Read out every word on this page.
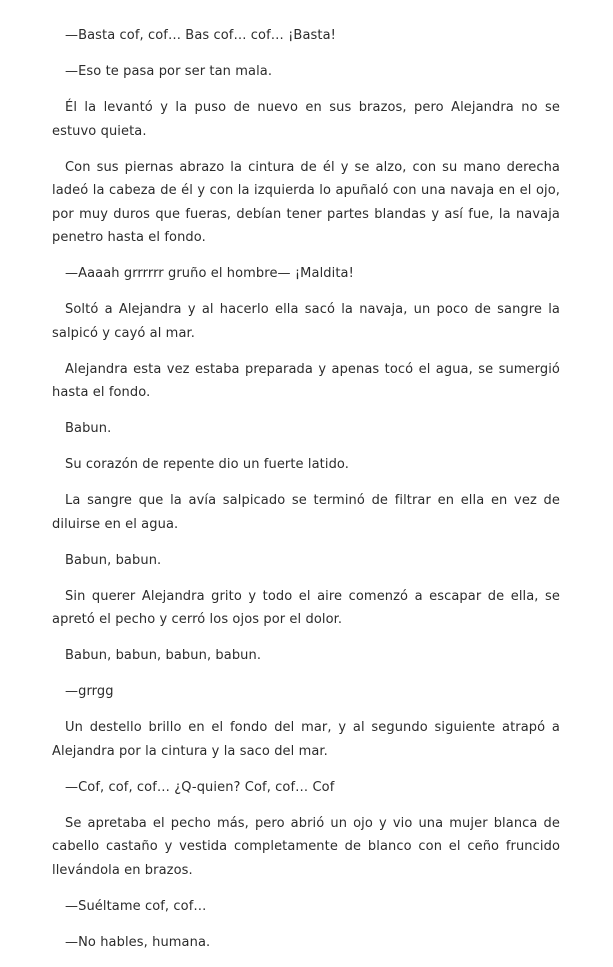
—Basta cof, cof… Bas cof… cof… ¡Basta!

—Eso te pasa por ser tan mala.

Él la levantó y la puso de nuevo en sus brazos, pero Alejandra no se estuvo quieta.

Con sus piernas abrazo la cintura de él y se alzo, con su mano derecha ladeó la cabeza de él y con la izquierda lo apuñaló con una navaja en el ojo, por muy duros que fueras, debían tener partes blandas y así fue, la navaja penetro hasta el fondo.

—Aaaah grrrrrr gruño el hombre— ¡Maldita!

Soltó a Alejandra y al hacerlo ella sacó la navaja, un poco de sangre la salpicó y cayó al mar.

Alejandra esta vez estaba preparada y apenas tocó el agua, se sumergió hasta el fondo.

Babun.

Su corazón de repente dio un fuerte latido.

La sangre que la avía salpicado se terminó de filtrar en ella en vez de diluirse en el agua.

Babun, babun.

Sin querer Alejandra grito y todo el aire comenzó a escapar de ella, se apretó el pecho y cerró los ojos por el dolor.

Babun, babun, babun, babun.

—grrgg

Un destello brillo en el fondo del mar, y al segundo siguiente atrapó a Alejandra por la cintura y la saco del mar.

—Cof, cof, cof… ¿Q-quien? Cof, cof… Cof

Se apretaba el pecho más, pero abrió un ojo y vio una mujer blanca de cabello castaño y vestida completamente de blanco con el ceño fruncido llevándola en brazos.

—Suéltame cof, cof…

—No hables, humana.
